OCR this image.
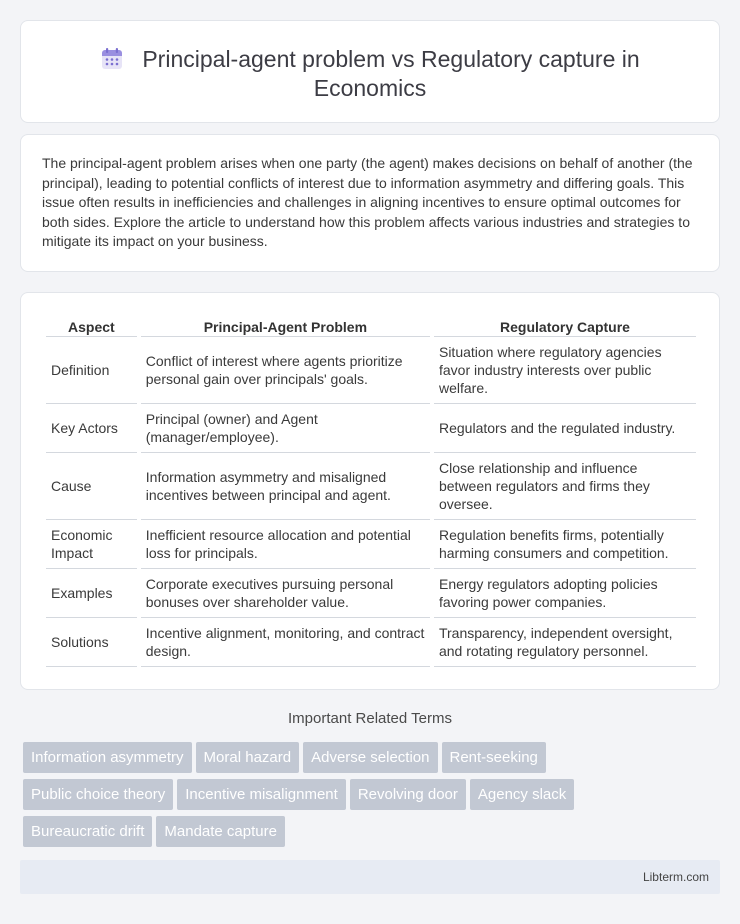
Principal-agent problem vs Regulatory capture in
Economics

The principal-agent problem arises when one party (the agent) makes decisions on behalf of another (the principal), leading to potential conflicts of interest due to information asymmetry and differing goals. This issue often results in inefficiencies and challenges in aligning incentives to ensure optimal outcomes for both sides. Explore the article to understand how this problem affects various industries and strategies to mitigate its impact on your business.

Aspect	Principal-Agent Problem	Regulatory Capture
Definition	Conflict of interest where agents prioritize personal gain over principals' goals.	Situation where regulatory agencies favor industry interests over public welfare.
Key Actors	Principal (owner) and Agent (manager/employee).	Regulators and the regulated industry.
Cause	Information asymmetry and misaligned incentives between principal and agent.	Close relationship and influence between regulators and firms they oversee.
Economic Impact	Inefficient resource allocation and potential loss for principals.	Regulation benefits firms, potentially harming consumers and competition.
Examples	Corporate executives pursuing personal bonuses over shareholder value.	Energy regulators adopting policies favoring power companies.
Solutions	Incentive alignment, monitoring, and contract design.	Transparency, independent oversight, and rotating regulatory personnel.
Important Related Terms
Information asymmetry Moral hazard Adverse selection Rent-seeking
Public choice theory Incentive misalignment Revolving door Agency slack
Bureaucratic drift Mandate capture
Libterm.com
